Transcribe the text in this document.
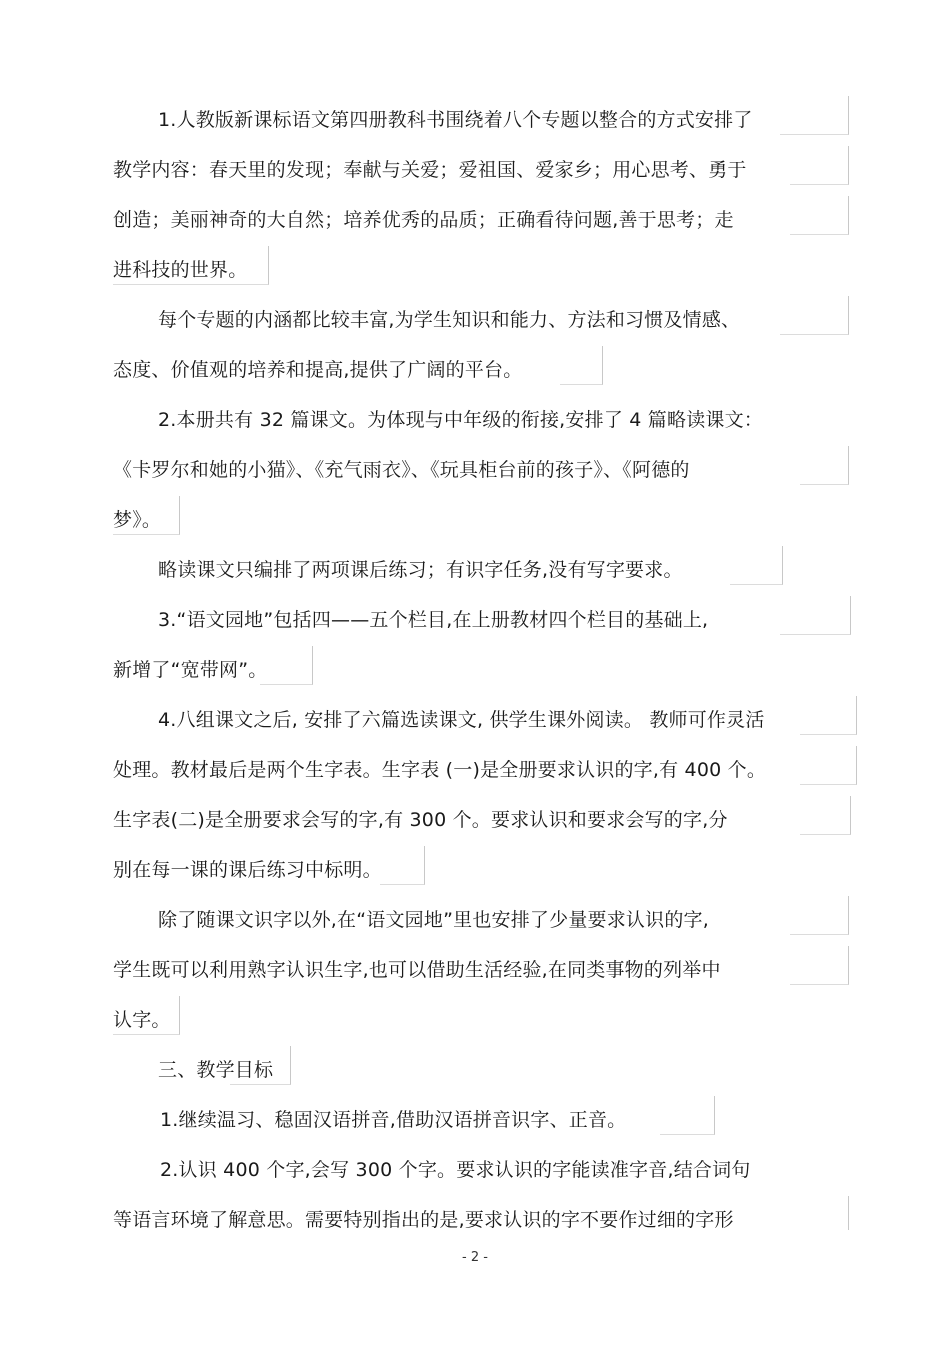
1.人教版新课标语文第四册教科书围绕着八个专题以整合的方式安排了
教学内容：春天里的发现；奉献与关爱；爱祖国、爱家乡；用心思考、勇于
创造；美丽神奇的大自然；培养优秀的品质；正确看待问题,善于思考；走
进科技的世界。
每个专题的内涵都比较丰富,为学生知识和能力、方法和习惯及情感、
态度、价值观的培养和提高,提供了广阔的平台。
2.本册共有 32 篇课文。为体现与中年级的衔接,安排了 4 篇略读课文：
《卡罗尔和她的小猫》、《充气雨衣》、《玩具柜台前的孩子》、《阿德的
梦》。
略读课文只编排了两项课后练习；有识字任务,没有写字要求。
3.“语文园地”包括四——五个栏目,在上册教材四个栏目的基础上,
新增了“宽带网”。
4.八组课文之后, 安排了六篇选读课文, 供学生课外阅读。 教师可作灵活
处理。教材最后是两个生字表。生字表 (一)是全册要求认识的字,有 400 个。
生字表(二)是全册要求会写的字,有 300 个。要求认识和要求会写的字,分
别在每一课的课后练习中标明。
除了随课文识字以外,在“语文园地”里也安排了少量要求认识的字,
学生既可以利用熟字认识生字,也可以借助生活经验,在同类事物的列举中
认字。
三、教学目标
1.继续温习、稳固汉语拼音,借助汉语拼音识字、正音。
2.认识 400 个字,会写 300 个字。要求认识的字能读准字音,结合词句
等语言环境了解意思。需要特别指出的是,要求认识的字不要作过细的字形
- 2 -
